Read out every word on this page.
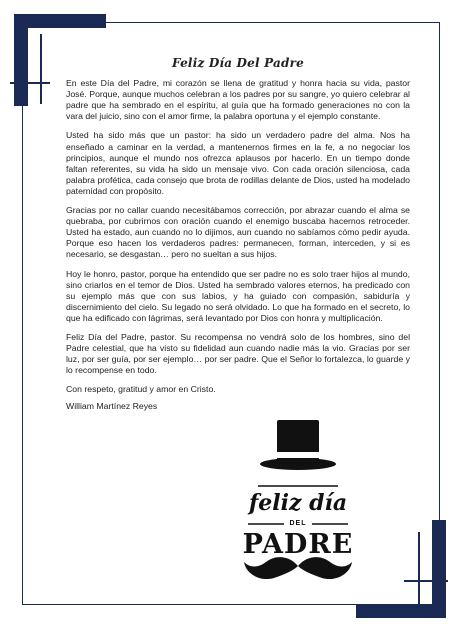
Feliz Día Del Padre

En este Día del Padre, mi corazón se llena de gratitud y honra hacia su vida, pastor José. Porque, aunque muchos celebran a los padres por su sangre, yo quiero celebrar al padre que ha sembrado en el espíritu, al guía que ha formado generaciones no con la vara del juicio, sino con el amor firme, la palabra oportuna y el ejemplo constante.

Usted ha sido más que un pastor: ha sido un verdadero padre del alma. Nos ha enseñado a caminar en la verdad, a mantenernos firmes en la fe, a no negociar los principios, aunque el mundo nos ofrezca aplausos por hacerlo. En un tiempo donde faltan referentes, su vida ha sido un mensaje vivo. Con cada oración silenciosa, cada palabra profética, cada consejo que brota de rodillas delante de Dios, usted ha modelado paternidad con propósito.

Gracias por no callar cuando necesitábamos corrección, por abrazar cuando el alma se quebraba, por cubrirnos con oración cuando el enemigo buscaba hacernos retroceder. Usted ha estado, aun cuando no lo dijimos, aun cuando no sabíamos cómo pedir ayuda. Porque eso hacen los verdaderos padres: permanecen, forman, interceden, y si es necesario, se desgastan… pero no sueltan a sus hijos.

Hoy le honro, pastor, porque ha entendido que ser padre no es solo traer hijos al mundo, sino criarlos en el temor de Dios. Usted ha sembrado valores eternos, ha predicado con su ejemplo más que con sus labios, y ha guiado con compasión, sabiduría y discernimiento del cielo. Su legado no será olvidado. Lo que ha formado en el secreto, lo que ha edificado con lágrimas, será levantado por Dios con honra y multiplicación.

Feliz Día del Padre, pastor. Su recompensa no vendrá solo de los hombres, sino del Padre celestial, que ha visto su fidelidad aun cuando nadie más la vio. Gracias por ser luz, por ser guía, por ser ejemplo… por ser padre. Que el Señor lo fortalezca, lo guarde y lo recompense en todo.

Con respeto, gratitud y amor en Cristo.

William Martínez Reyes

feliz día
DEL
PADRE
